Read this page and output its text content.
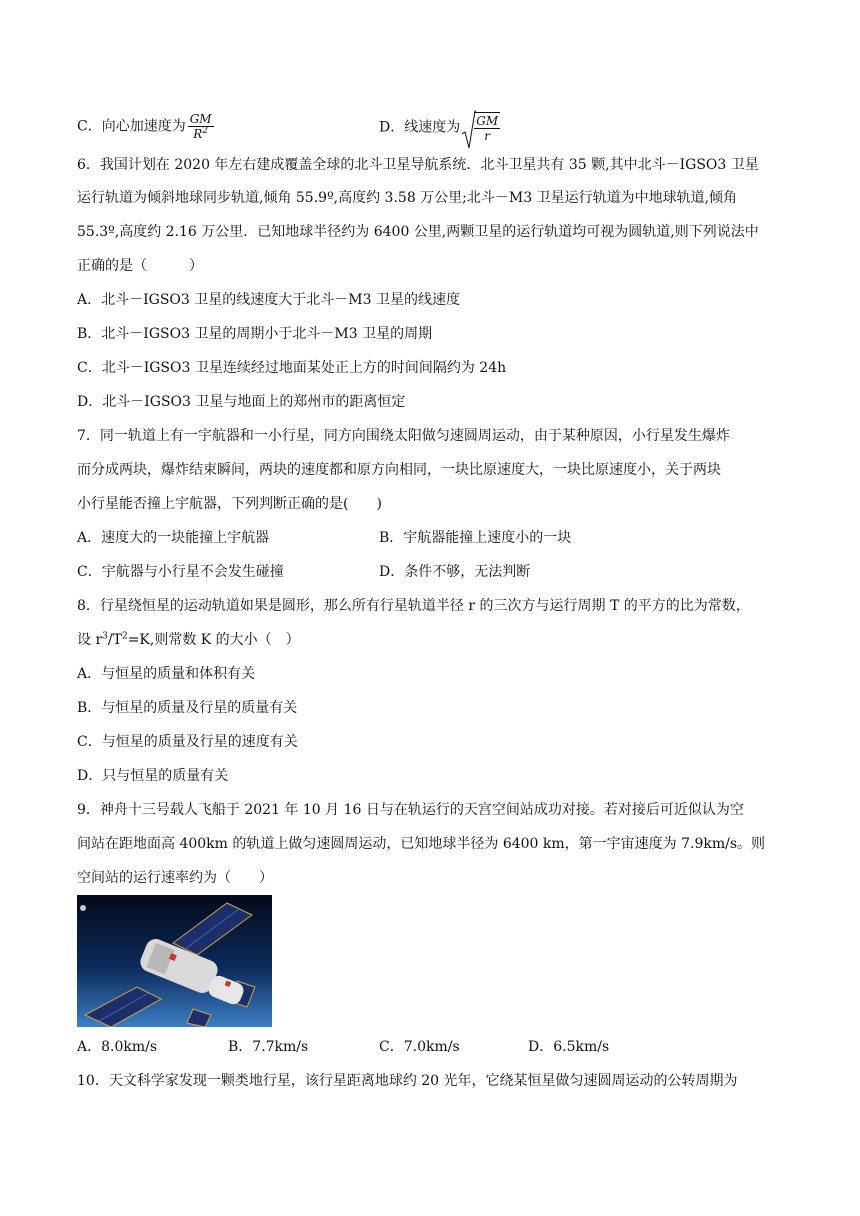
C．向心加速度为 $\frac{GM}{R^2}$	D．线速度为 $\frac{GM}{r}$
6．我国计划在 2020 年左右建成覆盖全球的北斗卫星导航系统．北斗卫星共有 35 颗,其中北斗－IGSO3 卫星
运行轨道为倾斜地球同步轨道,倾角 55.9º,高度约 3.58 万公里;北斗－M3 卫星运行轨道为中地球轨道,倾角
55.3º,高度约 2.16 万公里．已知地球半径约为 6400 公里,两颗卫星的运行轨道均可视为圆轨道,则下列说法中
正确的是（　　　）
A．北斗－IGSO3 卫星的线速度大于北斗－M3 卫星的线速度
B．北斗－IGSO3 卫星的周期小于北斗－M3 卫星的周期
C．北斗－IGSO3 卫星连续经过地面某处正上方的时间间隔约为 24h
D．北斗－IGSO3 卫星与地面上的郑州市的距离恒定
7．同一轨道上有一宇航器和一小行星，同方向围绕太阳做匀速圆周运动，由于某种原因，小行星发生爆炸
而分成两块，爆炸结束瞬间，两块的速度都和原方向相同，一块比原速度大，一块比原速度小，关于两块
小行星能否撞上宇航器，下列判断正确的是(　　)
A．速度大的一块能撞上宇航器	B．宇航器能撞上速度小的一块
C．宇航器与小行星不会发生碰撞	D．条件不够，无法判断
8．行星绕恒星的运动轨道如果是圆形，那么所有行星轨道半径 r 的三次方与运行周期 T 的平方的比为常数，
设 $r^3/T^2=K$,则常数 K 的大小（　）
A．与恒星的质量和体积有关
B．与恒星的质量及行星的质量有关
C．与恒星的质量及行星的速度有关
D．只与恒星的质量有关
9．神舟十三号载人飞船于 2021 年 10 月 16 日与在轨运行的天宫空间站成功对接。若对接后可近似认为空
间站在距地面高 400km 的轨道上做匀速圆周运动，已知地球半径为 6400 km，第一宇宙速度为 7.9km/s。则
空间站的运行速率约为（　　）
A．8.0km/s	B．7.7km/s	C．7.0km/s	D．6.5km/s
10．天文科学家发现一颗类地行星，该行星距离地球约 20 光年，它绕某恒星做匀速圆周运动的公转周期为
